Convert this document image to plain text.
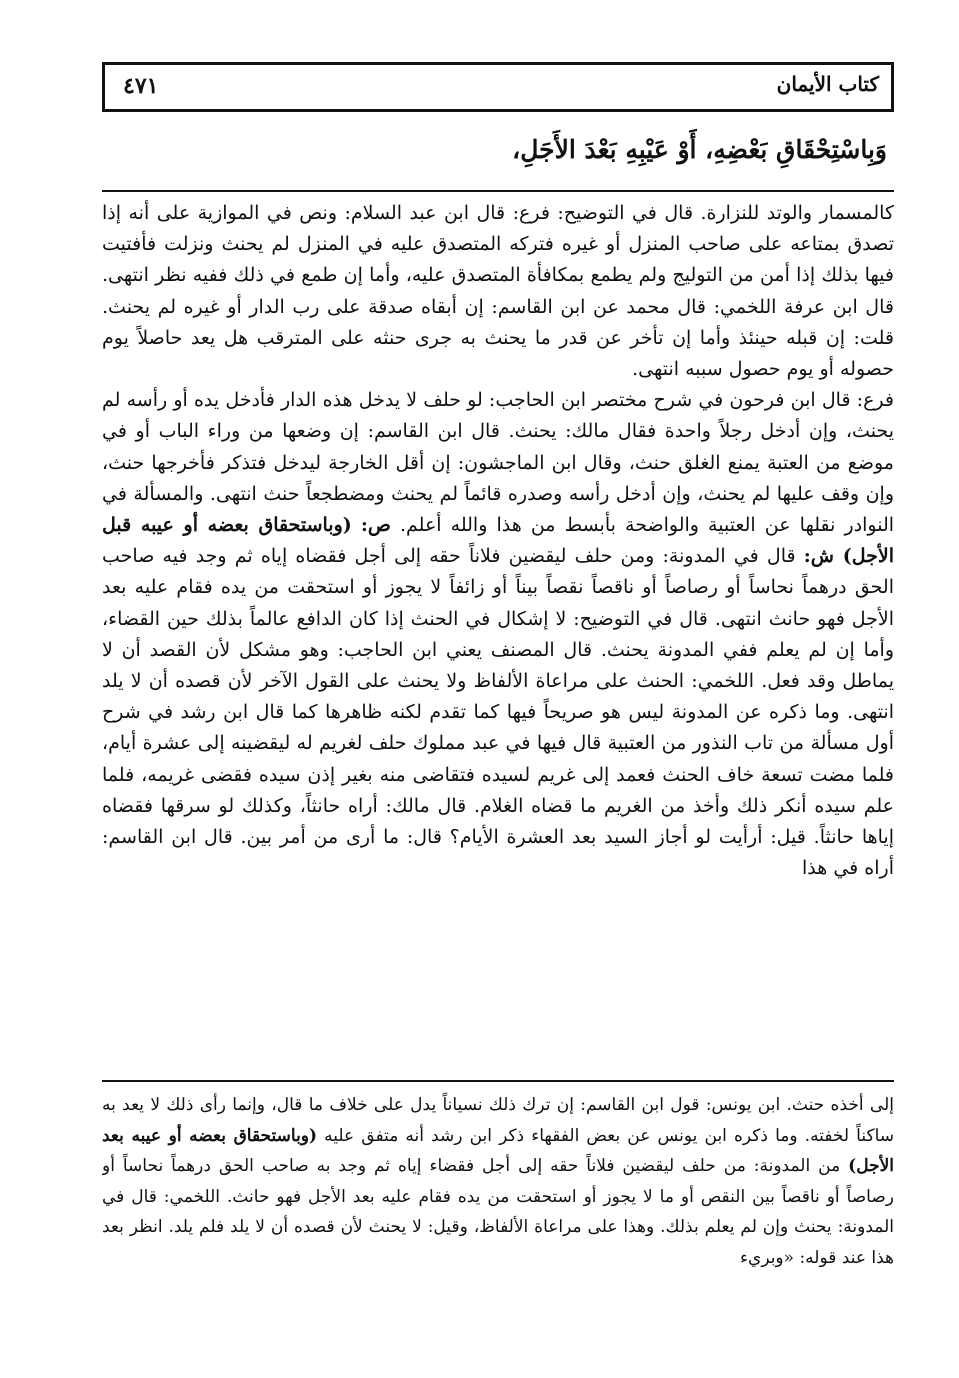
كتاب الأيمان
٤٧١
وَبِاسْتِحْقَاقِ بَعْضِهِ، أَوْ عَيْبِهِ بَعْدَ الأَجَلِ،

كالمسمار والوتد للنزارة. قال في التوضيح: فرع: قال ابن عبد السلام: ونص في الموازية على أنه إذا تصدق بمتاعه على صاحب المنزل أو غيره فتركه المتصدق عليه في المنزل لم يحنث ونزلت فأفتيت فيها بذلك إذا أمن من التوليج ولم يطمع بمكافأة المتصدق عليه، وأما إن طمع في ذلك ففيه نظر انتهى. قال ابن عرفة اللخمي: قال محمد عن ابن القاسم: إن أبقاه صدقة على رب الدار أو غيره لم يحنث. قلت: إن قبله حينئذ وأما إن تأخر عن قدر ما يحنث به جرى حنثه على المترقب هل يعد حاصلاً يوم حصوله أو يوم حصول سببه انتهى.

فرع: قال ابن فرحون في شرح مختصر ابن الحاجب: لو حلف لا يدخل هذه الدار فأدخل يده أو رأسه لم يحنث، وإن أدخل رجلاً واحدة فقال مالك: يحنث. قال ابن القاسم: إن وضعها من وراء الباب أو في موضع من العتبة يمنع الغلق حنث، وقال ابن الماجشون: إن أقل الخارجة ليدخل فتذكر فأخرجها حنث، وإن وقف عليها لم يحنث، وإن أدخل رأسه وصدره قائماً لم يحنث ومضطجعاً حنث انتهى. والمسألة في النوادر نقلها عن العتبية والواضحة بأبسط من هذا والله أعلم. ص: (وباستحقاق بعضه أو عيبه قبل الأجل) ش: قال في المدونة: ومن حلف ليقضين فلاناً حقه إلى أجل فقضاه إياه ثم وجد فيه صاحب الحق درهماً نحاساً أو رصاصاً أو ناقصاً نقصاً بيناً أو زائفاً لا يجوز أو استحقت من يده فقام عليه بعد الأجل فهو حانث انتهى. قال في التوضيح: لا إشكال في الحنث إذا كان الدافع عالماً بذلك حين القضاء، وأما إن لم يعلم ففي المدونة يحنث. قال المصنف يعني ابن الحاجب: وهو مشكل لأن القصد أن لا يماطل وقد فعل. اللخمي: الحنث على مراعاة الألفاظ ولا يحنث على القول الآخر لأن قصده أن لا يلد انتهى. وما ذكره عن المدونة ليس هو صريحاً فيها كما تقدم لكنه ظاهرها كما قال ابن رشد في شرح أول مسألة من تاب النذور من العتبية قال فيها في عبد مملوك حلف لغريم له ليقضينه إلى عشرة أيام، فلما مضت تسعة خاف الحنث فعمد إلى غريم لسيده فتقاضى منه بغير إذن سيده فقضى غريمه، فلما علم سيده أنكر ذلك وأخذ من الغريم ما قضاه الغلام. قال مالك: أراه حانثاً، وكذلك لو سرقها فقضاه إياها حانثاً. قيل: أرأيت لو أجاز السيد بعد العشرة الأيام؟ قال: ما أرى من أمر بين. قال ابن القاسم: أراه في هذا

إلى أخذه حنث. ابن يونس: قول ابن القاسم: إن ترك ذلك نسياناً يدل على خلاف ما قال، وإنما رأى ذلك لا يعد به ساكناً لخفته. وما ذكره ابن يونس عن بعض الفقهاء ذكر ابن رشد أنه متفق عليه (وباستحقاق بعضه أو عيبه بعد الأجل) من المدونة: من حلف ليقضين فلاناً حقه إلى أجل فقضاء إياه ثم وجد به صاحب الحق درهماً نحاساً أو رصاصاً أو ناقصاً بين النقص أو ما لا يجوز أو استحقت من يده فقام عليه بعد الأجل فهو حانث. اللخمي: قال في المدونة: يحنث وإن لم يعلم بذلك. وهذا على مراعاة الألفاظ، وقيل: لا يحنث لأن قصده أن لا يلد فلم يلد. انظر بعد هذا عند قوله: «وبريء
